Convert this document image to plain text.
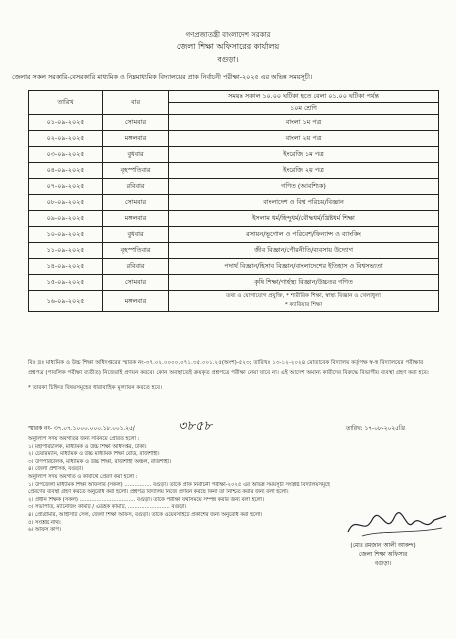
গণপ্রজাতন্ত্রী বাংলাদেশ সরকার
জেলা শিক্ষা অফিসারের কার্যালয়
বগুড়া।
জেলার সকল সরকারি-বেসরকারি মাধ্যমিক ও নিম্নমাধ্যমিক বিদ্যালয়ের প্রাক নির্বাচনী পরীক্ষা-২০২৫ এর অভিন্ন সময়সূচী।
তারিখ	বার	সময়ঃ সকাল ১০.০০ ঘটিকা হতে বেলা ০১.০০ ঘটিকা পর্যন্ত
		১০ম শ্রেণি
০১-০৯-২০২৫	সোমবার	বাংলা ১ম পত্র
০২-০৯-২০২৫	মঙ্গলবার	বাংলা ২য় পত্র
০৩-০৯-২০২৫	বুধবার	ইংরেজি ১ম পত্র
০৪-০৯-২০২৫	বৃহস্পতিবার	ইংরেজি ২য় পত্র
০৭-০৯-২০২৫	রবিবার	গণিত (আবশ্যিক)
০৮-০৯-২০২৫	সোমবার	বাংলাদেশ ও বিশ্ব পরিচয়/বিজ্ঞান
০৯-০৯-২০২৫	মঙ্গলবার	ইসলাম ধর্ম/হিন্দুধর্ম/বৌদ্ধধর্ম/খ্রিষ্টধর্ম শিক্ষা
১০-০৯-২০২৫	বুধবার	রসায়ন/ভূগোল ও পরিবেশ/ফিন্যান্স ও ব্যাংকিং
১১-০৯-২০২৫	বৃহস্পতিবার	জীব বিজ্ঞান/পৌরনীতি/ব্যবসায় উদ্যোগ
১৪-০৯-২০২৫	রবিবার	পদার্থ বিজ্ঞান/হিসাব বিজ্ঞান/বাংলাদেশের ইতিহাস ও বিশ্বসভ্যতা
১৫-০৯-২০২৫	সোমবার	কৃষি শিক্ষা/গার্হস্থ্য বিজ্ঞান/উচ্চতর গণিত
১৬-০৯-২০২৫	মঙ্গলবার	তথ্য ও যোগাযোগ প্রযুক্তি, * শারীরিক শিক্ষা, স্বাস্থ্য বিজ্ঞান ও খেলাধুলা
* ক্যারিয়ার শিক্ষা
বিঃ দ্রঃ মাধ্যমিক ও উচ্চ শিক্ষা অধিদপ্তরের স্মারক নং-৩৭.০২.০০০০.০৭১.৩৫.০০১.২৫(অংশ)-৫২৩; তারিখঃ ১৩-১২-২০২৪ মোতাবেক বিদ্যালয় কর্তৃপক্ষ স্ব-স্ব বিদ্যালয়ের পরীক্ষার প্রশ্নপত্র (পাবলিক পরীক্ষা ব্যতীত) নিজেরাই প্রণয়ন করবে। কোন অবস্থাতেই ক্রয়কৃত প্রশ্নপত্রে পরীক্ষা নেয়া যাবে না। এই আদেশ অমান্য কারীদের বিরুদ্ধে বিভাগীয় ব্যবস্থা গ্রহণ করা হবে।
* তারকা চিহ্নিত বিষয়সমূহের ধারাবাহিক মূল্যায়ন করতে হবে।
স্মারক নং- ৩৭.০৭.১০০০.০০০.১৮.০০১.২৫/	৩৮৫৮	তারিখ: ১৭-০৮-২০২৫খ্রি
অনুলিপি সদয় অবগতির জন্য সবিনয়ে প্রেরিত হলো :
১। মহাপরিচালক, মাধ্যমিক ও উচ্চ শিক্ষা অধিদপ্তর, ঢাকা।
২। চেয়ারম্যান, মাধ্যমিক ও উচ্চ মাধ্যমিক শিক্ষা বোর্ড, রাজশাহী।
৩। উপপরিচালক, মাধ্যমিক ও উচ্চ শিক্ষা, রাজশাহী অঞ্চল, রাজশাহী।
৪। জেলা প্রশাসক, বগুড়া।
অনুলিপি সদয় অবগতি ও কার্যার্থে প্রেরণ করা হলো :
১। উপজেলা মাধ্যমিক শিক্ষা অফিসার (সকল) ................ বগুড়া। তাকে প্রাক নির্বাচনী পরীক্ষা-২০২৫ এর অভিন্ন সময়সূচী সংশ্লিষ্ট বিদ্যালয়সমূহে
প্রেরণের ব্যবস্থা গ্রহণ করতে অনুরোধ করা হলো। প্রশ্নপত্র বিদ্যালয় নিজে প্রণয়ন করছে কিনা তা নিশ্চিত করার জন্য বলা হলো।
২। প্রধান শিক্ষক (সকল) ................................. বগুড়া। তাকে পরীক্ষা যথাসময়ে সম্পন্ন করার জন্য বলা হলো।
৩। সভাপতি, ম্যানেজিং কমিটি / এডহক কমিটি, ......................... বগুড়া।
৪। প্রোগ্রামার, আইসিটি সেল, জেলা শিক্ষা অফিস, বগুড়া। তাকে ওয়েবসাইটে প্রকাশের জন্য অনুরোধ করা হলো।
৫। সংশ্লিষ্ট নথি।
৬। অফিস কপি।
(মোঃ রমজান আলী আকন্দ)
জেলা শিক্ষা অফিসার
বগুড়া।
